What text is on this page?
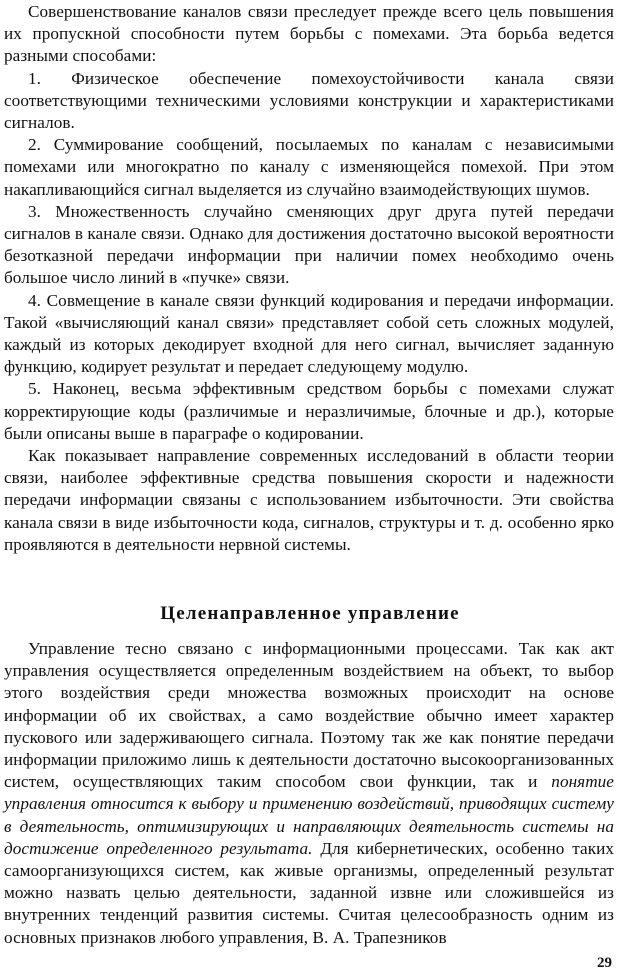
Совершенствование каналов связи преследует прежде всего цель повышения их пропускной способности путем борьбы с помехами. Эта борьба ведется разными способами:

1. Физическое обеспечение помехоустойчивости канала связи соответствующими техническими условиями конструкции и характеристиками сигналов.

2. Суммирование сообщений, посылаемых по каналам с независимыми помехами или многократно по каналу с изменяющейся помехой. При этом накапливающийся сигнал выделяется из случайно взаимодействующих шумов.

3. Множественность случайно сменяющих друг друга путей передачи сигналов в канале связи. Однако для достижения достаточно высокой вероятности безотказной передачи информации при наличии помех необходимо очень большое число линий в «пучке» связи.

4. Совмещение в канале связи функций кодирования и передачи информации. Такой «вычисляющий канал связи» представляет собой сеть сложных модулей, каждый из которых декодирует входной для него сигнал, вычисляет заданную функцию, кодирует результат и передает следующему модулю.

5. Наконец, весьма эффективным средством борьбы с помехами служат корректирующие коды (различимые и неразличимые, блочные и др.), которые были описаны выше в параграфе о кодировании.

Как показывает направление современных исследований в области теории связи, наиболее эффективные средства повышения скорости и надежности передачи информации связаны с использованием избыточности. Эти свойства канала связи в виде избыточности кода, сигналов, структуры и т. д. особенно ярко проявляются в деятельности нервной системы.

Целенаправленное управление

Управление тесно связано с информационными процессами. Так как акт управления осуществляется определенным воздействием на объект, то выбор этого воздействия среди множества возможных происходит на основе информации об их свойствах, а само воздействие обычно имеет характер пускового или задерживающего сигнала. Поэтому так же как понятие передачи информации приложимо лишь к деятельности достаточно высокоорганизованных систем, осуществляющих таким способом свои функции, так и понятие управления относится к выбору и применению воздействий, приводящих систему в деятельность, оптимизирующих и направляющих деятельность системы на достижение определенного результата. Для кибернетических, особенно таких самоорганизующихся систем, как живые организмы, определенный результат можно назвать целью деятельности, заданной извне или сложившейся из внутренних тенденций развития системы. Считая целесообразность одним из основных признаков любого управления, В. А. Трапезников

29
